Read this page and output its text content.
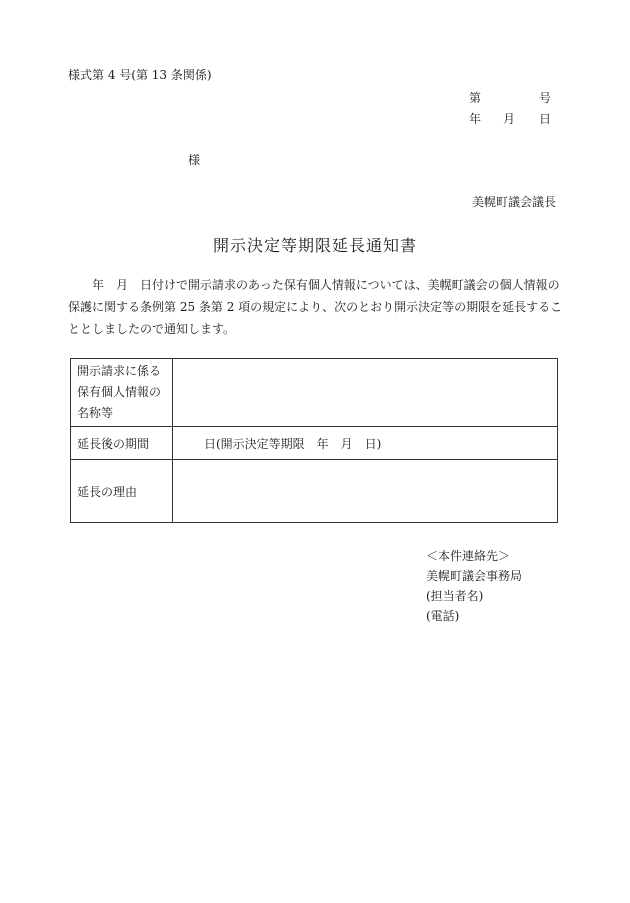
様式第 4 号(第 13 条関係)
第	号
年 月 日
様
美幌町議会議長
開示決定等期限延長通知書
　年　月　日付けで開示請求のあった保有個人情報については、美幌町議会の個人情報の
保護に関する条例第 25 条第 2 項の規定により、次のとおり開示決定等の期限を延長するこ
ととしましたので通知します。
開示請求に係る
保有個人情報の
名称等	

延長後の期間	日(開示決定等期限　年　月　日)
延長の理由	
＜本件連絡先＞
美幌町議会事務局
(担当者名)
(電話)
